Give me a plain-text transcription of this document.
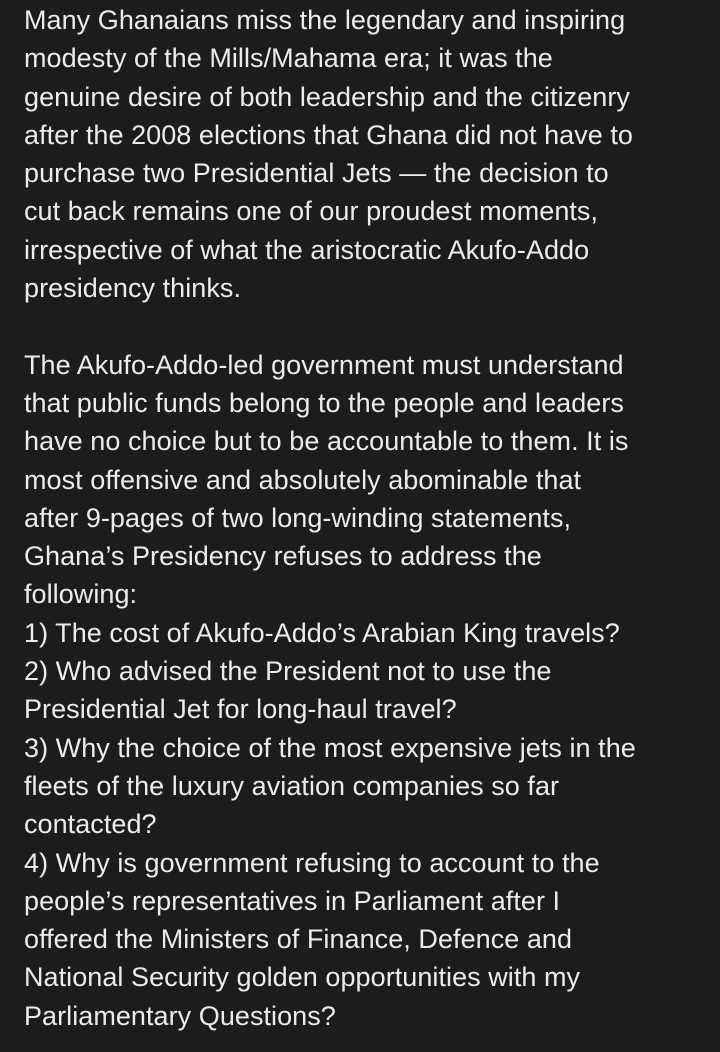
Many Ghanaians miss the legendary and inspiring
modesty of the Mills/Mahama era; it was the
genuine desire of both leadership and the citizenry
after the 2008 elections that Ghana did not have to
purchase two Presidential Jets — the decision to
cut back remains one of our proudest moments,
irrespective of what the aristocratic Akufo-Addo
presidency thinks.
The Akufo-Addo-led government must understand
that public funds belong to the people and leaders
have no choice but to be accountable to them. It is
most offensive and absolutely abominable that
after 9-pages of two long-winding statements,
Ghana’s Presidency refuses to address the
following:
1) The cost of Akufo-Addo’s Arabian King travels?
2) Who advised the President not to use the
Presidential Jet for long-haul travel?
3) Why the choice of the most expensive jets in the
fleets of the luxury aviation companies so far
contacted?
4) Why is government refusing to account to the
people’s representatives in Parliament after I
offered the Ministers of Finance, Defence and
National Security golden opportunities with my
Parliamentary Questions?
